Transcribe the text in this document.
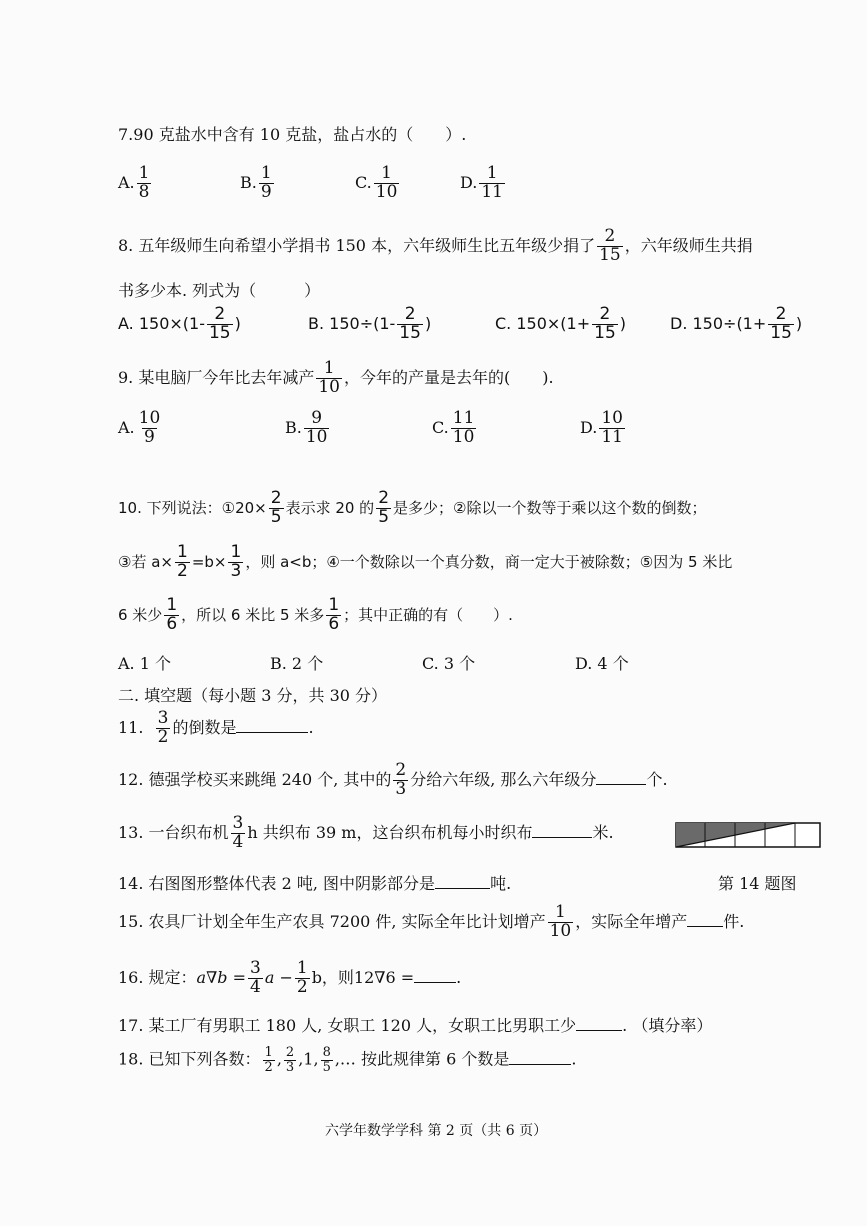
7.90 克盐水中含有 10 克盐，盐占水的（　　）.
A. $\frac{1}{8}$	B. $\frac{1}{9}$	C. $\frac{1}{10}$	D. $\frac{1}{11}$
8. 五年级师生向希望小学捐书 150 本，六年级师生比五年级少捐了 $\frac{2}{15}$ ，六年级师生共捐
书多少本. 列式为（　　　）
A. $150\times(1- \frac{2}{15}$ )	B. $150\div(1- \frac{2}{15}$ )	C. $150\times(1+ \frac{2}{15}$ )	D. $150\div(1+ \frac{2}{15}$ )
9. 某电脑厂今年比去年减产 $\frac{1}{10}$ ，今年的产量是去年的(　　).
A. $\frac{10}{9}$	B. $\frac{9}{10}$	C. $\frac{11}{10}$	D. $\frac{10}{11}$
10. 下列说法：①20× $\frac{2}{5}$ 表示求 20 的 $\frac{2}{5}$ 是多少；②除以一个数等于乘以这个数的倒数；
③若 $a\times \frac{1}{2} =b\times \frac{1}{3}$ ，则 a<b；④一个数除以一个真分数，商一定大于被除数；⑤因为 5 米比
6 米少 $\frac{1}{6}$ ，所以 6 米比 5 米多 $\frac{1}{6}$ ；其中正确的有（　　）.
A. 1 个	B. 2 个	C. 3 个	D. 4 个
二. 填空题（每小题 3 分，共 30 分）
11. $\frac{3}{2}$ 的倒数是	.
12. 德强学校买来跳绳 240 个, 其中的 $\frac{2}{3}$ 分给六年级, 那么六年级分	个.
13. 一台织布机 $\frac{3}{4}$ h 共织布 39 m，这台织布机每小时织布	米.
14. 右图图形整体代表 2 吨, 图中阴影部分是	吨.	第 14 题图
15. 农具厂计划全年生产农具 7200 件, 实际全年比计划增产 $\frac{1}{10}$ ，实际全年增产 件.
16. 规定：$a\nabla b = \frac{3}{4}$ $a - \frac{1}{2}$ b，则12∇6 =	.
17. 某工厂有男职工 180 人, 女职工 120 人，女职工比男职工少	. （填分率）
18. 已知下列各数： $\frac{1}{2}$ , $\frac{2}{3} ,1$, $\frac{8}{5}$ ,… 按此规律第 6 个数是	.
六学年数学学科 第 2 页（共 6 页）
